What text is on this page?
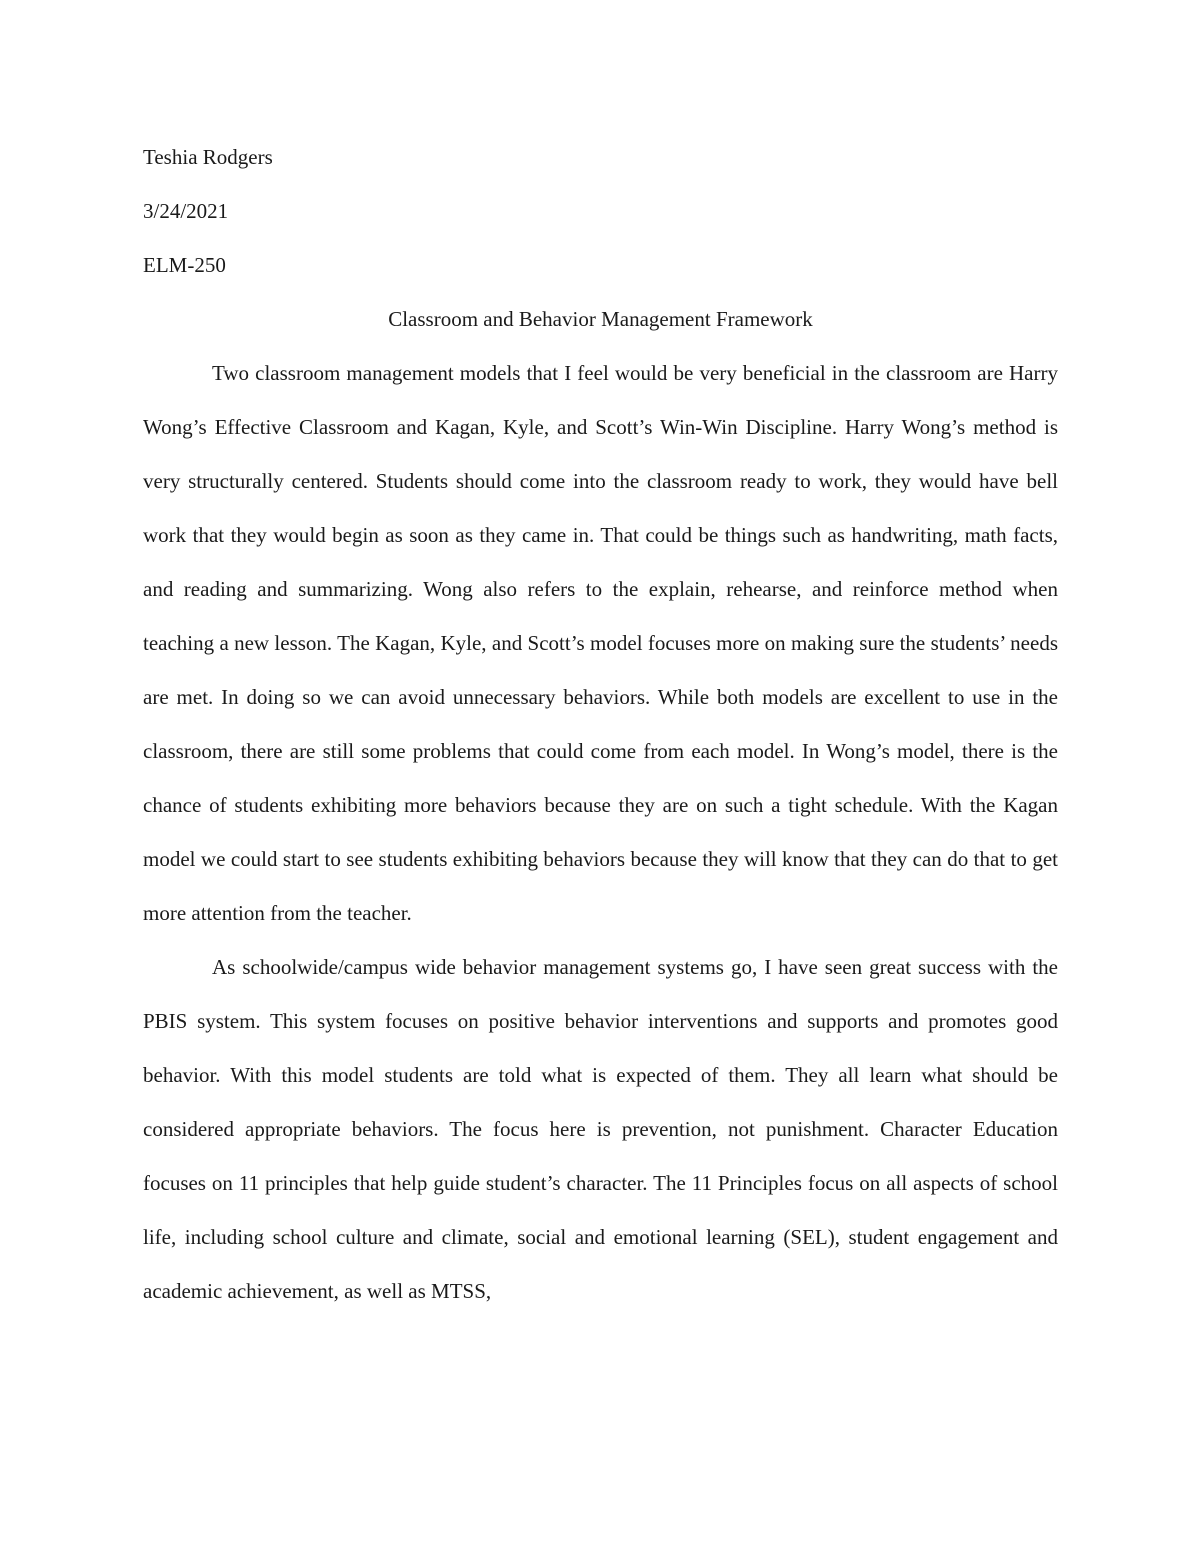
Teshia Rodgers
3/24/2021
ELM-250
Classroom and Behavior Management Framework

Two classroom management models that I feel would be very beneficial in the classroom are Harry Wong’s Effective Classroom and Kagan, Kyle, and Scott’s Win-Win Discipline. Harry Wong’s method is very structurally centered. Students should come into the classroom ready to work, they would have bell work that they would begin as soon as they came in. That could be things such as handwriting, math facts, and reading and summarizing. Wong also refers to the explain, rehearse, and reinforce method when teaching a new lesson. The Kagan, Kyle, and Scott’s model focuses more on making sure the students’ needs are met. In doing so we can avoid unnecessary behaviors. While both models are excellent to use in the classroom, there are still some problems that could come from each model. In Wong’s model, there is the chance of students exhibiting more behaviors because they are on such a tight schedule. With the Kagan model we could start to see students exhibiting behaviors because they will know that they can do that to get more attention from the teacher.

As schoolwide/campus wide behavior management systems go, I have seen great success with the PBIS system. This system focuses on positive behavior interventions and supports and promotes good behavior. With this model students are told what is expected of them. They all learn what should be considered appropriate behaviors. The focus here is prevention, not punishment. Character Education focuses on 11 principles that help guide student’s character. The 11 Principles focus on all aspects of school life, including school culture and climate, social and emotional learning (SEL), student engagement and academic achievement, as well as MTSS,
